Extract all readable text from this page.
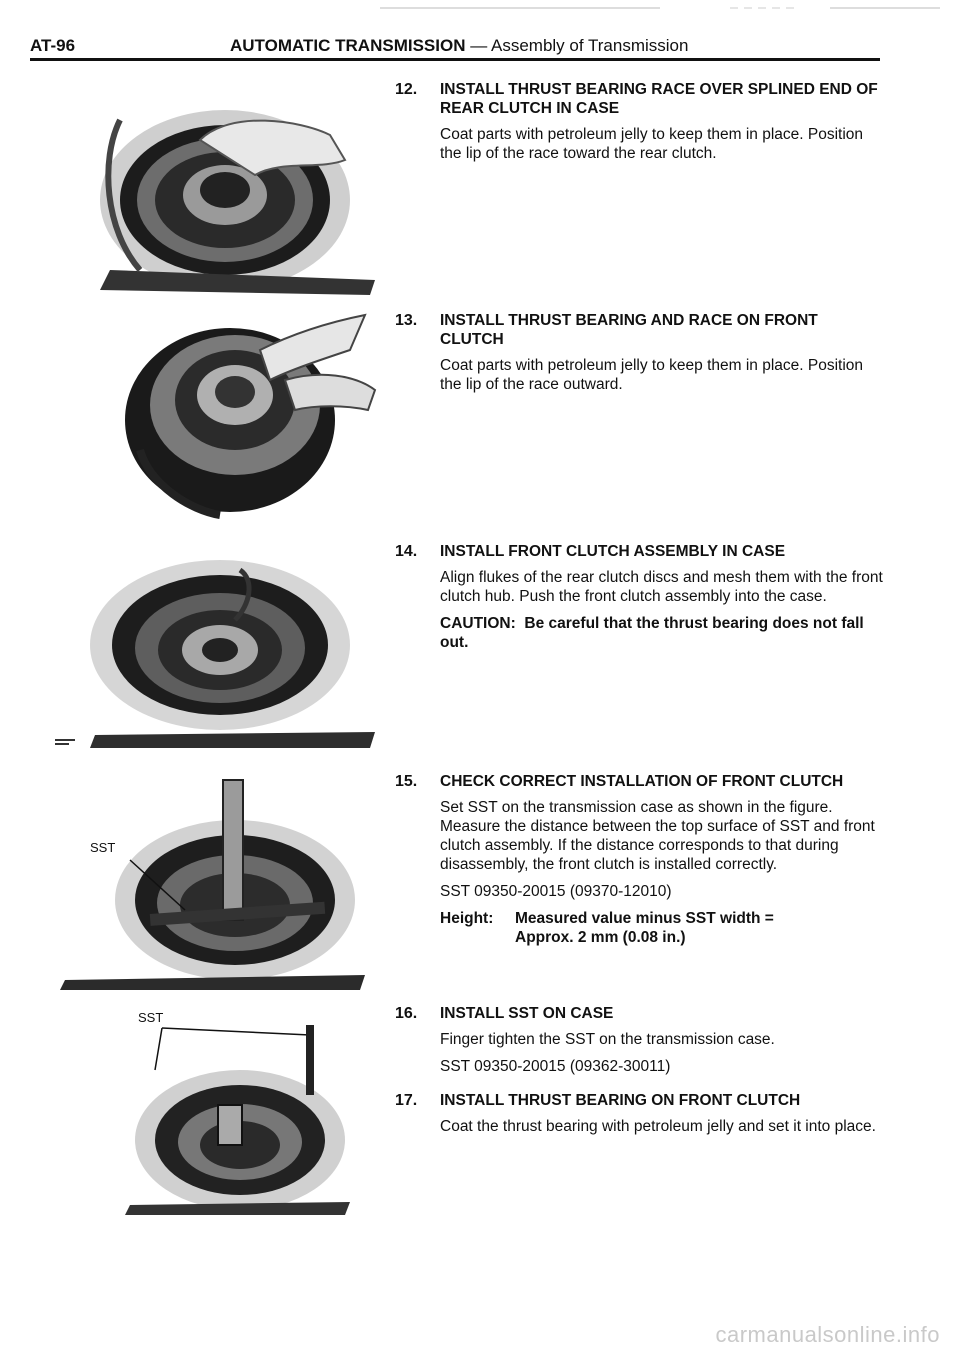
AT-96	AUTOMATIC TRANSMISSION — Assembly of Transmission
SST
SST
12.	INSTALL THRUST BEARING RACE OVER SPLINED END OF REAR CLUTCH IN CASE

Coat parts with petroleum jelly to keep them in place. Position the lip of the race toward the rear clutch.

13.	INSTALL THRUST BEARING AND RACE ON FRONT CLUTCH

Coat parts with petroleum jelly to keep them in place. Position the lip of the race outward.

14.	INSTALL FRONT CLUTCH ASSEMBLY IN CASE

Align flukes of the rear clutch discs and mesh them with the front clutch hub. Push the front clutch assembly into the case.

CAUTION: Be careful that the thrust bearing does not fall out.
15.	CHECK CORRECT INSTALLATION OF FRONT CLUTCH

Set SST on the transmission case as shown in the figure. Measure the distance between the top surface of SST and front clutch assembly. If the distance corresponds to that during disassembly, the front clutch is installed correctly.

SST 09350-20015 (09370-12010)

Height:	Measured value minus SST width =
Approx. 2 mm (0.08 in.)
16.	INSTALL SST ON CASE

Finger tighten the SST on the transmission case.

SST 09350-20015 (09362-30011)

17.	INSTALL THRUST BEARING ON FRONT CLUTCH

Coat the thrust bearing with petroleum jelly and set it into place.

carmanualsonline.info
